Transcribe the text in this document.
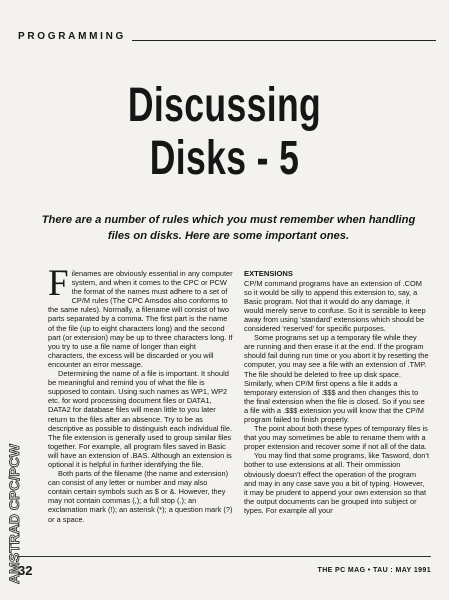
PROGRAMMING
Discussing
Disks - 5
There are a number of rules which you must remember when handling files on disks. Here are some important ones.

Filenames are obviously essential in any computer system, and when it comes to the CPC or PCW the format of the names must adhere to a set of CP/M rules (The CPC Amsdos also conforms to the same rules). Normally, a filename will consist of two parts separated by a comma. The first part is the name of the file (up to eight characters long) and the second part (or extension) may be up to three characters long. If you try to use a file name of longer than eight characters, the excess will be discarded or you will encounter an error message.

Determining the name of a file is important. It should be meaningful and remind you of what the file is supposed to contain. Using such names as WP1, WP2 etc. for word processing document files or DATA1, DATA2 for database files will mean little to you later return to the files after an absence. Try to be as descriptive as possible to distinguish each individual file. The file extension is generally used to group similar files together. For example, all program files saved in Basic will have an extension of .BAS. Although an extension is optional it is helpful in further identifying the file.

Both parts of the filename (the name and extension) can consist of any letter or number and may also contain certain symbols such as $ or &. However, they may not contain commas (,); a full stop (.); an exclamation mark (!); an asterisk (*); a question mark (?) or a space.

EXTENSIONS

CP/M command programs have an extension of .COM so it would be silly to append this extension to, say, a Basic program. Not that it would do any damage, it would merely serve to confuse. So it is sensible to keep away from using ‘standard’ extensions which should be considered ‘reserved’ for specific purposes.

Some programs set up a temporary file while they are running and then erase it at the end. If the program should fail during run time or you abort it by resetting the computer, you may see a file with an extension of .TMP. The file should be deleted to free up disk space. Similarly, when CP/M first opens a file it adds a temporary extension of .$$$ and then changes this to the final extension when the file is closed. So if you see a file with a .$$$ extension you will know that the CP/M program failed to finish properly.

The point about both these types of temporary files is that you may sometimes be able to rename them with a proper extension and recover some if not all of the data.

You may find that some programs, like Tasword, don’t bother to use extensions at all. Their ommission obviously doesn’t effect the operation of the program and may in any case save you a bit of typing. However, it may be prudent to append your own extension so that the output documents can be grouped into subject or types. For example all your

AMSTRAD CPC/PCW
32	THE PC MAG • TAU : MAY 1991
